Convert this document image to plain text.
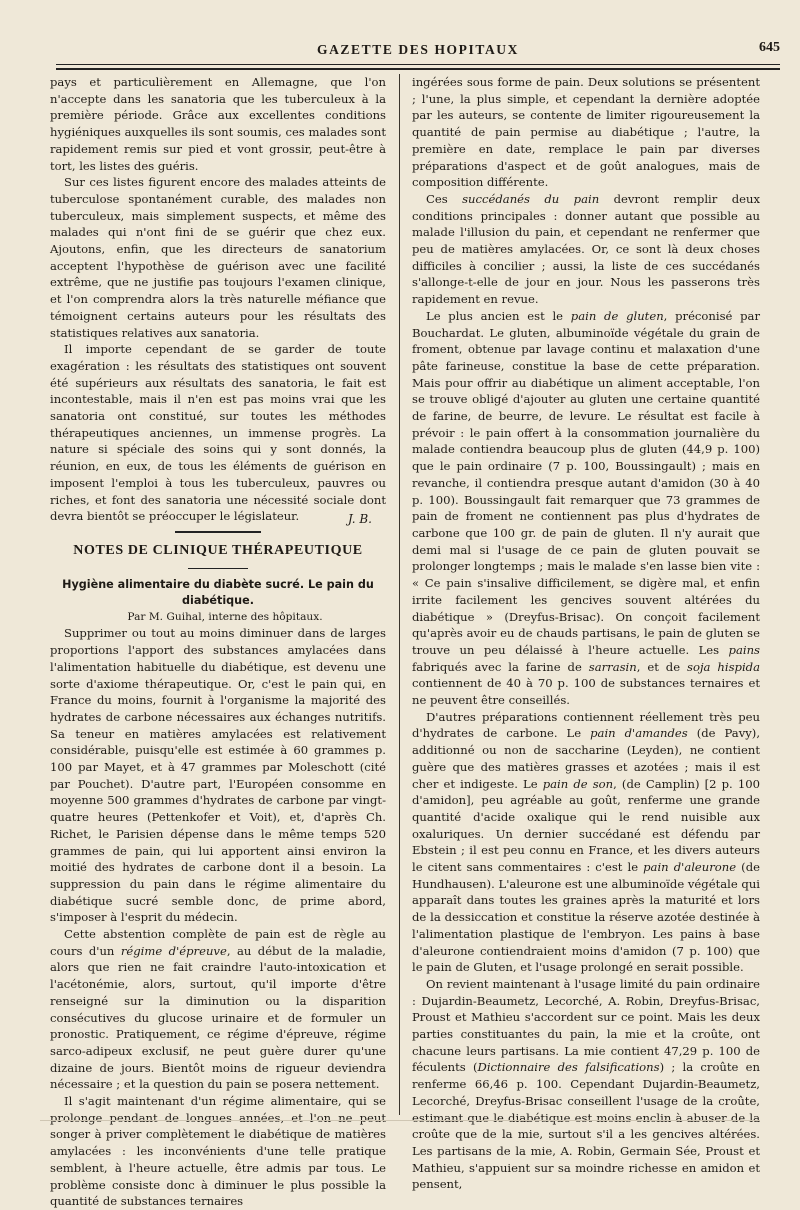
GAZETTE DES HOPITAUX	645

pays et particulièrement en Allemagne, que l'on n'accepte dans les sanatoria que les tuberculeux à la première période. Grâce aux excellentes conditions hygiéniques auxquelles ils sont soumis, ces malades sont rapidement remis sur pied et vont grossir, peut-être à tort, les listes des guéris.

Sur ces listes figurent encore des malades atteints de tuberculose spontanément curable, des malades non tuberculeux, mais simplement suspects, et même des malades qui n'ont fini de se guérir que chez eux. Ajoutons, enfin, que les directeurs de sanatorium acceptent l'hypothèse de guérison avec une facilité extrême, que ne justifie pas toujours l'examen clinique, et l'on comprendra alors la très naturelle méfiance que témoignent certains auteurs pour les résultats des statistiques relatives aux sanatoria.

Il importe cependant de se garder de toute exagération : les résultats des statistiques ont souvent été supérieurs aux résultats des sanatoria, le fait est incontestable, mais il n'en est pas moins vrai que les sanatoria ont constitué, sur toutes les méthodes thérapeutiques anciennes, un immense progrès. La nature si spéciale des soins qui y sont donnés, la réunion, en eux, de tous les éléments de guérison en imposent l'emploi à tous les tuberculeux, pauvres ou riches, et font des sanatoria une nécessité sociale dont devra bientôt se préoccuper le législateur.	J. B.
NOTES DE CLINIQUE THÉRAPEUTIQUE
Hygiène alimentaire du diabète sucré. Le pain du diabétique.

Par M. Guihal, interne des hôpitaux.

Supprimer ou tout au moins diminuer dans de larges proportions l'apport des substances amylacées dans l'alimentation habituelle du diabétique, est devenu une sorte d'axiome thérapeutique. Or, c'est le pain qui, en France du moins, fournit à l'organisme la majorité des hydrates de carbone nécessaires aux échanges nutritifs. Sa teneur en matières amylacées est relativement considérable, puisqu'elle est estimée à 60 grammes p. 100 par Mayet, et à 47 grammes par Moleschott (cité par Pouchet). D'autre part, l'Européen consomme en moyenne 500 grammes d'hydrates de carbone par vingt-quatre heures (Pettenkofer et Voit), et, d'après Ch. Richet, le Parisien dépense dans le même temps 520 grammes de pain, qui lui apportent ainsi environ la moitié des hydrates de carbone dont il a besoin. La suppression du pain dans le régime alimentaire du diabétique sucré semble donc, de prime abord, s'imposer à l'esprit du médecin.

Cette abstention complète de pain est de règle au cours d'un régime d'épreuve, au début de la maladie, alors que rien ne fait craindre l'auto-intoxication et l'acétonémie, alors, surtout, qu'il importe d'être renseigné sur la diminution ou la disparition consécutives du glucose urinaire et de formuler un pronostic. Pratiquement, ce régime d'épreuve, régime sarco-adipeux exclusif, ne peut guère durer qu'une dizaine de jours. Bientôt moins de rigueur deviendra nécessaire ; et la question du pain se posera nettement.

Il s'agit maintenant d'un régime alimentaire, qui se prolonge pendant de longues années, et l'on ne peut songer à priver complètement le diabétique de matières amylacées : les inconvénients d'une telle pratique semblent, à l'heure actuelle, être admis par tous. Le problème consiste donc à diminuer le plus possible la quantité de substances ternaires

ingérées sous forme de pain. Deux solutions se présentent ; l'une, la plus simple, et cependant la dernière adoptée par les auteurs, se contente de limiter rigoureusement la quantité de pain permise au diabétique ; l'autre, la première en date, remplace le pain par diverses préparations d'aspect et de goût analogues, mais de composition différente.

Ces succédanés du pain devront remplir deux conditions principales : donner autant que possible au malade l'illusion du pain, et cependant ne renfermer que peu de matières amylacées. Or, ce sont là deux choses difficiles à concilier ; aussi, la liste de ces succédanés s'allonge-t-elle de jour en jour. Nous les passerons très rapidement en revue.

Le plus ancien est le pain de gluten, préconisé par Bouchardat. Le gluten, albuminoïde végétale du grain de froment, obtenue par lavage continu et malaxation d'une pâte farineuse, constitue la base de cette préparation. Mais pour offrir au diabétique un aliment acceptable, l'on se trouve obligé d'ajouter au gluten une certaine quantité de farine, de beurre, de levure. Le résultat est facile à prévoir : le pain offert à la consommation journalière du malade contiendra beaucoup plus de gluten (44,9 p. 100) que le pain ordinaire (7 p. 100, Boussingault) ; mais en revanche, il contiendra presque autant d'amidon (30 à 40 p. 100). Boussingault fait remarquer que 73 grammes de pain de froment ne contiennent pas plus d'hydrates de carbone que 100 gr. de pain de gluten. Il n'y aurait que demi mal si l'usage de ce pain de gluten pouvait se prolonger longtemps ; mais le malade s'en lasse bien vite : « Ce pain s'insalive difficilement, se digère mal, et enfin irrite facilement les gencives souvent altérées du diabétique » (Dreyfus-Brisac). On conçoit facilement qu'après avoir eu de chauds partisans, le pain de gluten se trouve un peu délaissé à l'heure actuelle. Les pains fabriqués avec la farine de sarrasin, et de soja hispida contiennent de 40 à 70 p. 100 de substances ternaires et ne peuvent être conseillés.

D'autres préparations contiennent réellement très peu d'hydrates de carbone. Le pain d'amandes (de Pavy), additionné ou non de saccharine (Leyden), ne contient guère que des matières grasses et azotées ; mais il est cher et indigeste. Le pain de son, (de Camplin) [2 p. 100 d'amidon], peu agréable au goût, renferme une grande quantité d'acide oxalique qui le rend nuisible aux oxaluriques. Un dernier succédané est défendu par Ebstein ; il est peu connu en France, et les divers auteurs le citent sans commentaires : c'est le pain d'aleurone (de Hundhausen). L'aleurone est une albuminoïde végétale qui apparaît dans toutes les graines après la maturité et lors de la dessiccation et constitue la réserve azotée destinée à l'alimentation plastique de l'embryon. Les pains à base d'aleurone contiendraient moins d'amidon (7 p. 100) que le pain de Gluten, et l'usage prolongé en serait possible.

On revient maintenant à l'usage limité du pain ordinaire : Dujardin-Beaumetz, Lecorché, A. Robin, Dreyfus-Brisac, Proust et Mathieu s'accordent sur ce point. Mais les deux parties constituantes du pain, la mie et la croûte, ont chacune leurs partisans. La mie contient 47,29 p. 100 de féculents (Dictionnaire des falsifications) ; la croûte en renferme 66,46 p. 100. Cependant Dujardin-Beaumetz, Lecorché, Dreyfus-Brisac conseillent l'usage de la croûte, estimant que le diabétique est moins enclin à abuser de la croûte que de la mie, surtout s'il a les gencives altérées. Les partisans de la mie, A. Robin, Germain Sée, Proust et Mathieu, s'appuient sur sa moindre richesse en amidon et pensent,
